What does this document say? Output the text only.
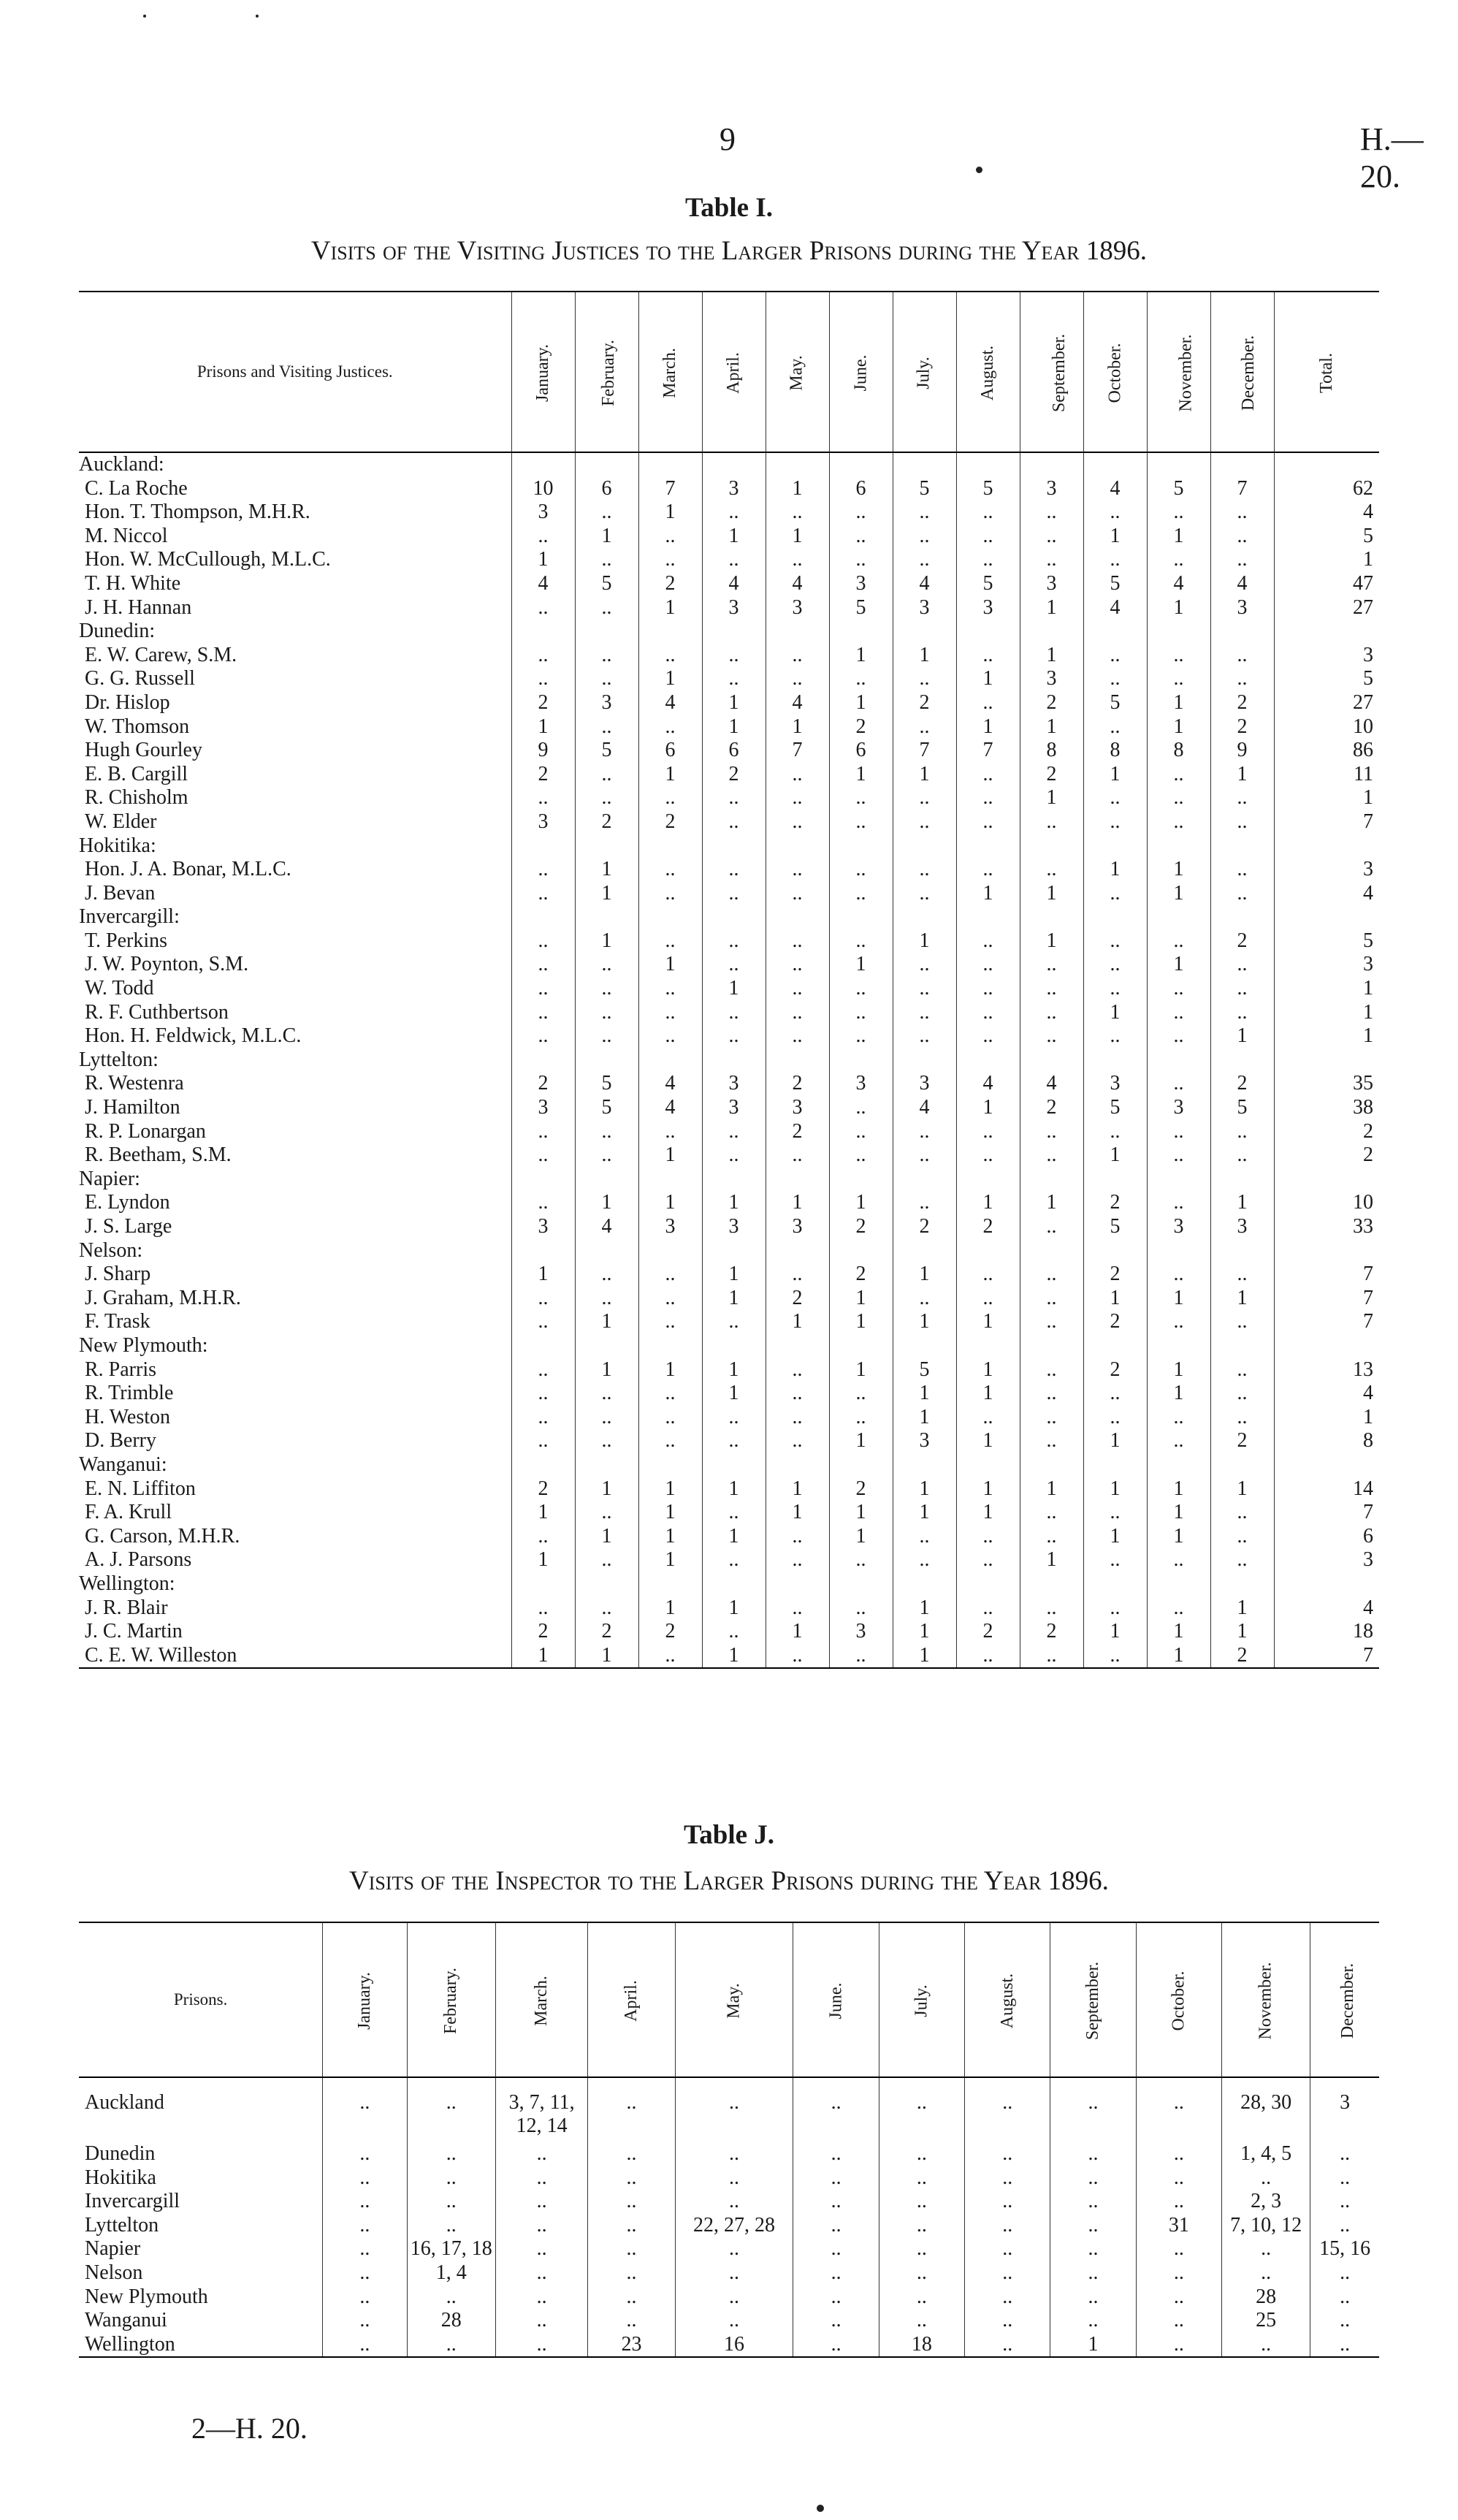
9	H.—20.
Table I.
Visits of the Visiting Justices to the Larger Prisons during the Year 1896.
Prisons and Visiting Justices.	January.	February.	March.	April.	May.	June.	July.	August.	September.	October.	November.	December.	Total.
Auckland:													
C. La Roche	10	6	7	3	1	6	5	5	3	4	5	7	62
Hon. T. Thompson, M.H.R.	3	..	1	..	..	..	..	..	..	..	..	..	4
M. Niccol	..	1	..	1	1	..	..	..	..	1	1	..	5
Hon. W. McCullough, M.L.C.	1	..	..	..	..	..	..	..	..	..	..	..	1
T. H. White	4	5	2	4	4	3	4	5	3	5	4	4	47
J. H. Hannan	..	..	1	3	3	5	3	3	1	4	1	3	27
Dunedin:													
E. W. Carew, S.M.	..	..	..	..	..	1	1	..	1	..	..	..	3
G. G. Russell	..	..	1	..	..	..	..	1	3	..	..	..	5
Dr. Hislop	2	3	4	1	4	1	2	..	2	5	1	2	27
W. Thomson	1	..	..	1	1	2	..	1	1	..	1	2	10
Hugh Gourley	9	5	6	6	7	6	7	7	8	8	8	9	86
E. B. Cargill	2	..	1	2	..	1	1	..	2	1	..	1	11
R. Chisholm	..	..	..	..	..	..	..	..	1	..	..	..	1
W. Elder	3	2	2	..	..	..	..	..	..	..	..	..	7
Hokitika:													
Hon. J. A. Bonar, M.L.C.	..	1	..	..	..	..	..	..	..	1	1	..	3
J. Bevan	..	1	..	..	..	..	..	1	1	..	1	..	4
Invercargill:													
T. Perkins	..	1	..	..	..	..	1	..	1	..	..	2	5
J. W. Poynton, S.M.	..	..	1	..	..	1	..	..	..	..	1	..	3
W. Todd	..	..	..	1	..	..	..	..	..	..	..	..	1
R. F. Cuthbertson	..	..	..	..	..	..	..	..	..	1	..	..	1
Hon. H. Feldwick, M.L.C.	..	..	..	..	..	..	..	..	..	..	..	1	1
Lyttelton:													
R. Westenra	2	5	4	3	2	3	3	4	4	3	..	2	35
J. Hamilton	3	5	4	3	3	..	4	1	2	5	3	5	38
R. P. Lonargan	..	..	..	..	2	..	..	..	..	..	..	..	2
R. Beetham, S.M.	..	..	1	..	..	..	..	..	..	1	..	..	2
Napier:													
E. Lyndon	..	1	1	1	1	1	..	1	1	2	..	1	10
J. S. Large	3	4	3	3	3	2	2	2	..	5	3	3	33
Nelson:													
J. Sharp	1	..	..	1	..	2	1	..	..	2	..	..	7
J. Graham, M.H.R.	..	..	..	1	2	1	..	..	..	1	1	1	7
F. Trask	..	1	..	..	1	1	1	1	..	2	..	..	7
New Plymouth:													
R. Parris	..	1	1	1	..	1	5	1	..	2	1	..	13
R. Trimble	..	..	..	1	..	..	1	1	..	..	1	..	4
H. Weston	..	..	..	..	..	..	1	..	..	..	..	..	1
D. Berry	..	..	..	..	..	1	3	1	..	1	..	2	8
Wanganui:													
E. N. Liffiton	2	1	1	1	1	2	1	1	1	1	1	1	14
F. A. Krull	1	..	1	..	1	1	1	1	..	..	1	..	7
G. Carson, M.H.R.	..	1	1	1	..	1	..	..	..	1	1	..	6
A. J. Parsons	1	..	1	..	..	..	..	..	1	..	..	..	3
Wellington:													
J. R. Blair	..	..	1	1	..	..	1	..	..	..	..	1	4
J. C. Martin	2	2	2	..	1	3	1	2	2	1	1	1	18
C. E. W. Willeston	1	1	..	1	..	..	1	..	..	..	1	2	7
Table J.
Visits of the Inspector to the Larger Prisons during the Year 1896.
Prisons.	January.	February.	March.	April.	May.	June.	July.	August.	September.	October.	November.	December.
Auckland	..	..	3, 7, 11, 12, 14	..	..	..	..	..	..	..	28, 30	3
Dunedin	..	..	..	..	..	..	..	..	..	..	1, 4, 5	..
Hokitika	..	..	..	..	..	..	..	..	..	..	..	..
Invercargill	..	..	..	..	..	..	..	..	..	..	2, 3	..
Lyttelton	..	..	..	..	22, 27, 28	..	..	..	..	31	7, 10, 12	..
Napier	..	16, 17, 18	..	..	..	..	..	..	..	..	..	15, 16
Nelson	..	1, 4	..	..	..	..	..	..	..	..	..	..
New Plymouth	..	..	..	..	..	..	..	..	..	..	28	..
Wanganui	..	28	..	..	..	..	..	..	..	..	25	..
Wellington	..	..	..	23	16	..	18	..	1	..	..	..
2—H. 20.
